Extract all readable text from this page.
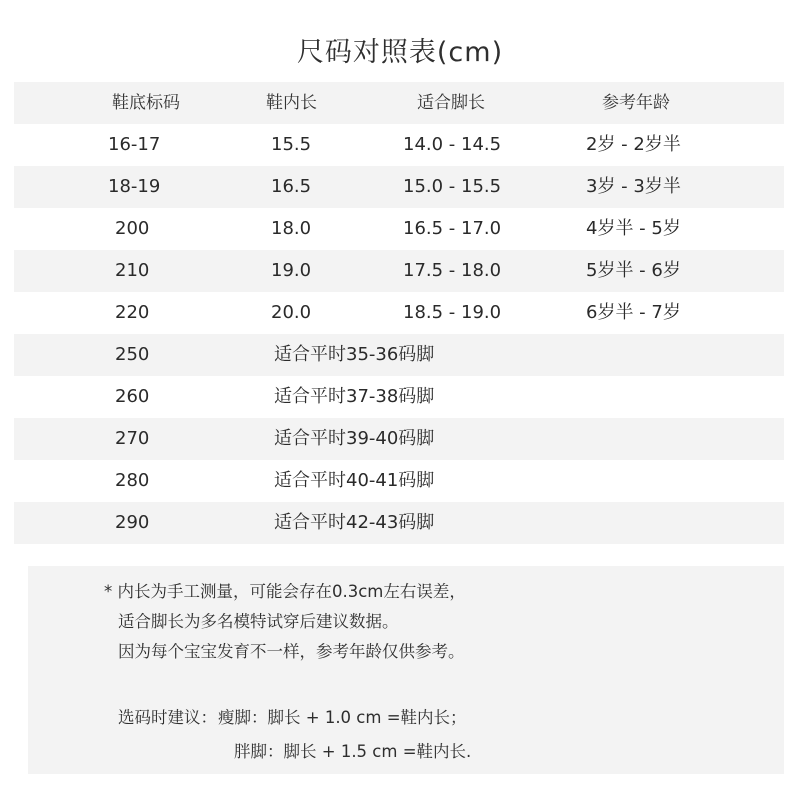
尺码对照表(cm)
鞋底标码	鞋内长	适合脚长	参考年龄
16-17	15.5	14.0 - 14.5	2岁 - 2岁半
18-19	16.5	15.0 - 15.5	3岁 - 3岁半
200	18.0	16.5 - 17.0	4岁半 - 5岁
210	19.0	17.5 - 18.0	5岁半 - 6岁
220	20.0	18.5 - 19.0	6岁半 - 7岁
250	适合平时35-36码脚
260	适合平时37-38码脚
270	适合平时39-40码脚
280	适合平时40-41码脚
290	适合平时42-43码脚
* 内长为手工测量，可能会存在0.3cm左右误差，
适合脚长为多名模特试穿后建议数据。
因为每个宝宝发育不一样，参考年龄仅供参考。
选码时建议： 瘦脚：脚长 + 1.0 cm =鞋内长；
胖脚：脚长 + 1.5 cm =鞋内长.
